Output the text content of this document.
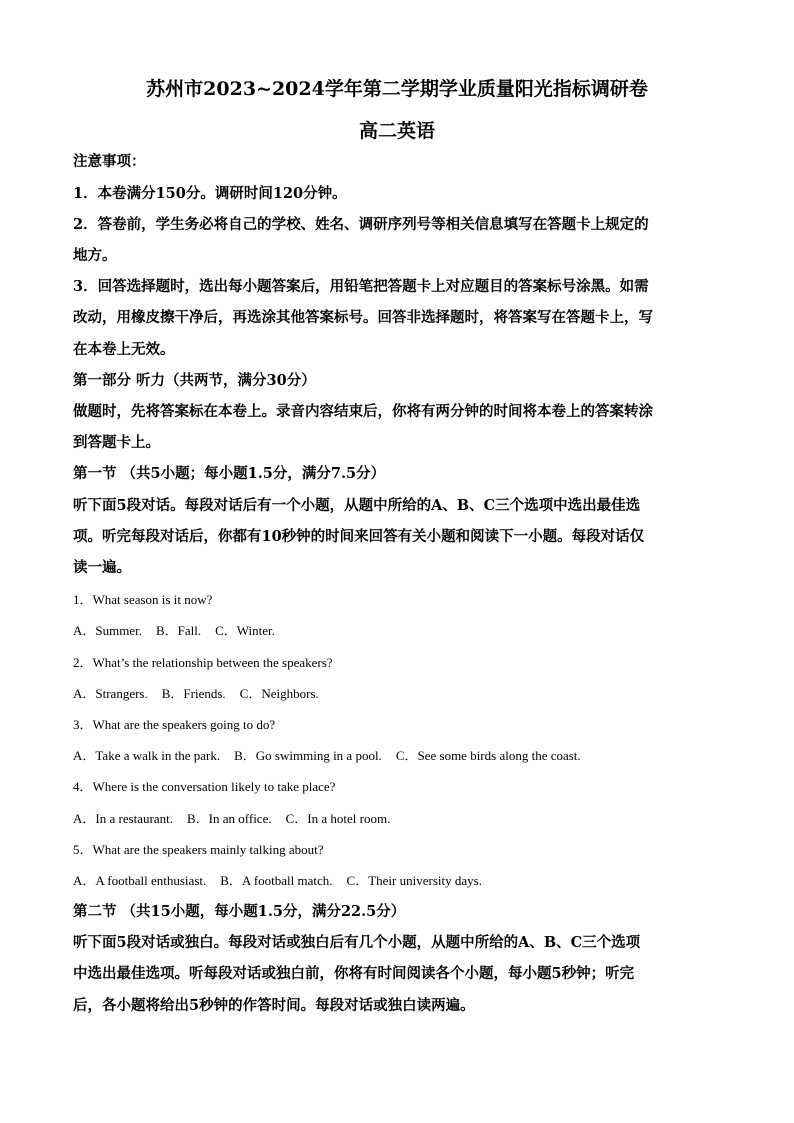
苏州市2023~2024学年第二学期学业质量阳光指标调研卷
高二英语
注意事项：
1．本卷满分150分。调研时间120分钟。
2．答卷前，学生务必将自己的学校、姓名、调研序列号等相关信息填写在答题卡上规定的
地方。
3．回答选择题时，选出每小题答案后，用铅笔把答题卡上对应题目的答案标号涂黑。如需
改动，用橡皮擦干净后，再选涂其他答案标号。回答非选择题时，将答案写在答题卡上，写
在本卷上无效。
第一部分 听力（共两节，满分30分）
做题时，先将答案标在本卷上。录音内容结束后，你将有两分钟的时间将本卷上的答案转涂
到答题卡上。
第一节 （共5小题；每小题1.5分，满分7.5分）
听下面5段对话。每段对话后有一个小题，从题中所给的A、B、C三个选项中选出最佳选
项。听完每段对话后，你都有10秒钟的时间来回答有关小题和阅读下一小题。每段对话仅
读一遍。
1．What season is it now?
A．Summer. B．Fall. C．Winter.
2．What’s the relationship between the speakers?
A．Strangers. B．Friends. C．Neighbors.
3．What are the speakers going to do?
A．Take a walk in the park. B．Go swimming in a pool. C．See some birds along the coast.
4．Where is the conversation likely to take place?
A．In a restaurant. B．In an office. C．In a hotel room.
5．What are the speakers mainly talking about?
A．A football enthusiast. B．A football match. C．Their university days.
第二节 （共15小题，每小题1.5分，满分22.5分）
听下面5段对话或独白。每段对话或独白后有几个小题，从题中所给的A、B、C三个选项
中选出最佳选项。听每段对话或独白前，你将有时间阅读各个小题，每小题5秒钟；听完
后，各小题将给出5秒钟的作答时间。每段对话或独白读两遍。
